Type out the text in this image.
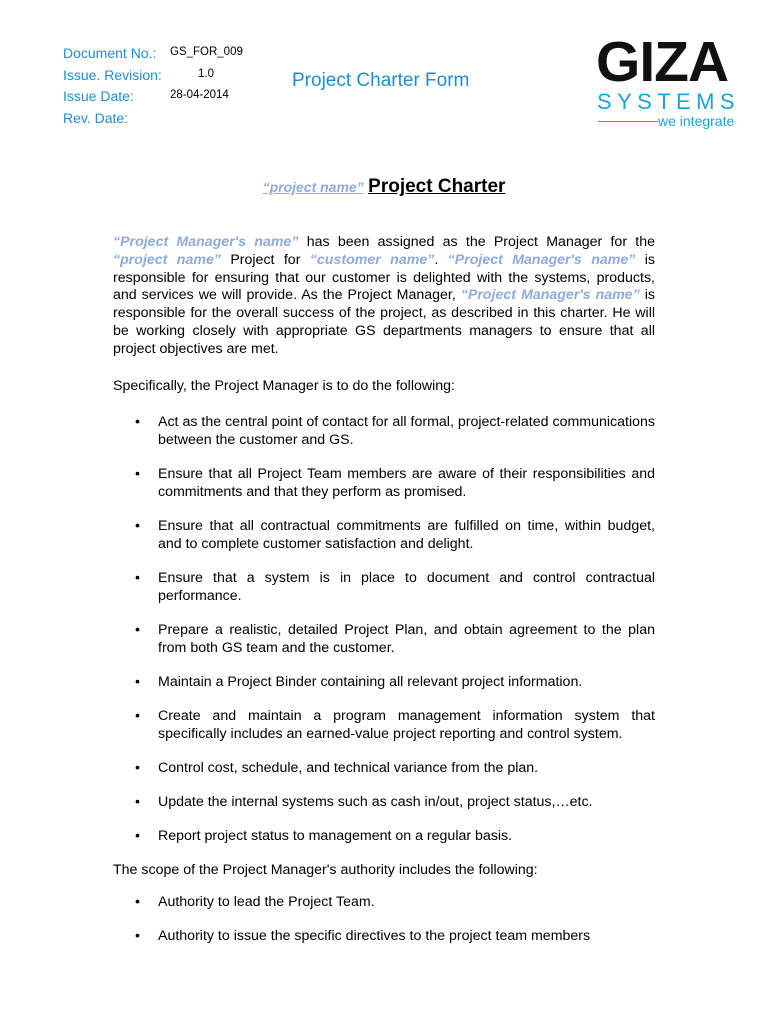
Document No.: GS_FOR_009
Issue. Revision:	1.0
Issue Date:	28-04-2014
Rev. Date:
Project Charter Form GIZA
SYSTEMS
we integrate
“project name” Project Charter

“Project Manager's name” has been assigned as the Project Manager for the “project name” Project for “customer name”. “Project Manager's name” is responsible for ensuring that our customer is delighted with the systems, products, and services we will provide. As the Project Manager, “Project Manager's name” is responsible for the overall success of the project, as described in this charter. He will be working closely with appropriate GS departments managers to ensure that all project objectives are met.

Specifically, the Project Manager is to do the following:

• Act as the central point of contact for all formal, project-related communications between the customer and GS.
• Ensure that all Project Team members are aware of their responsibilities and commitments and that they perform as promised.
• Ensure that all contractual commitments are fulfilled on time, within budget, and to complete customer satisfaction and delight.
• Ensure that a system is in place to document and control contractual performance.
• Prepare a realistic, detailed Project Plan, and obtain agreement to the plan from both GS team and the customer.
• Maintain a Project Binder containing all relevant project information.
• Create and maintain a program management information system that specifically includes an earned-value project reporting and control system.
• Control cost, schedule, and technical variance from the plan.
• Update the internal systems such as cash in/out, project status,…etc.
• Report project status to management on a regular basis.

The scope of the Project Manager's authority includes the following:

• Authority to lead the Project Team.
• Authority to issue the specific directives to the project team members
